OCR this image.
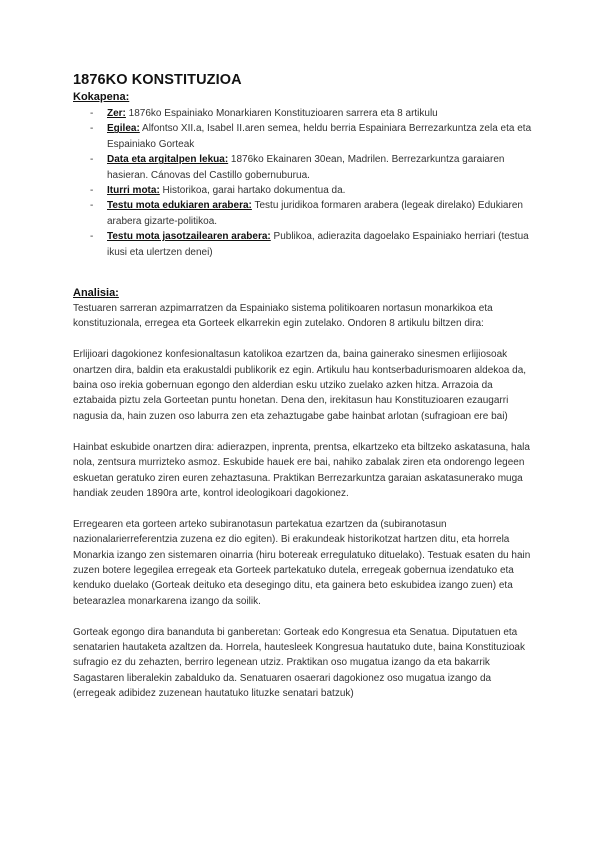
1876KO KONSTITUZIOA
Kokapena:
- Zer: 1876ko Espainiako Monarkiaren Konstituzioaren sarrera eta 8 artikulu
- Egilea: Alfontso XII.a, Isabel II.aren semea, heldu berria Espainiara Berrezarkuntza zela eta eta Espainiako Gorteak
- Data eta argitalpen lekua: 1876ko Ekainaren 30ean, Madrilen. Berrezarkuntza garaiaren hasieran. Cánovas del Castillo gobernuburua.
- Iturri mota: Historikoa, garai hartako dokumentua da.
- Testu mota edukiaren arabera: Testu juridikoa formaren arabera (legeak direlako) Edukiaren arabera gizarte-politikoa.
- Testu mota jasotzailearen arabera: Publikoa, adierazita dagoelako Espainiako herriari (testua ikusi eta ulertzen denei)
Analisia:

Testuaren sarreran azpimarratzen da Espainiako sistema politikoaren nortasun monarkikoa eta konstituzionala, erregea eta Gorteek elkarrekin egin zutelako. Ondoren 8 artikulu biltzen dira:

Erlijioari dagokionez konfesionaltasun katolikoa ezartzen da, baina gainerako sinesmen erlijiosoak onartzen dira, baldin eta erakustaldi publikorik ez egin. Artikulu hau kontserbadurismoaren aldekoa da, baina oso irekia gobernuan egongo den alderdian esku utziko zuelako azken hitza. Arrazoia da eztabaida piztu zela Gorteetan puntu honetan. Dena den, irekitasun hau Konstituzioaren ezaugarri nagusia da, hain zuzen oso laburra zen eta zehaztugabe gabe hainbat arlotan (sufragioan ere bai)

Hainbat eskubide onartzen dira: adierazpen, inprenta, prentsa, elkartzeko eta biltzeko askatasuna, hala nola, zentsura murrizteko asmoz. Eskubide hauek ere bai, nahiko zabalak ziren eta ondorengo legeen eskuetan geratuko ziren euren zehaztasuna. Praktikan Berrezarkuntza garaian askatasunerako muga handiak zeuden 1890ra arte, kontrol ideologikoari dagokionez.

Erregearen eta gorteen arteko subiranotasun partekatua ezartzen da (subiranotasun nazionalarierreferentzia zuzena ez dio egiten). Bi erakundeak historikotzat hartzen ditu, eta horrela Monarkia izango zen sistemaren oinarria (hiru botereak erregulatuko dituelako). Testuak esaten du hain zuzen botere legegilea erregeak eta Gorteek partekatuko dutela, erregeak gobernua izendatuko eta kenduko duelako (Gorteak deituko eta desegingo ditu, eta gainera beto eskubidea izango zuen) eta betearazlea monarkarena izango da soilik.

Gorteak egongo dira bananduta bi ganberetan: Gorteak edo Kongresua eta Senatua. Diputatuen eta senatarien hautaketa azaltzen da. Horrela, hautesleek Kongresua hautatuko dute, baina Konstituzioak sufragio ez du zehazten, berriro legenean utziz. Praktikan oso mugatua izango da eta bakarrik Sagastaren liberalekin zabalduko da. Senatuaren osaerari dagokionez oso mugatua izango da (erregeak adibidez zuzenean hautatuko lituzke senatari batzuk)
